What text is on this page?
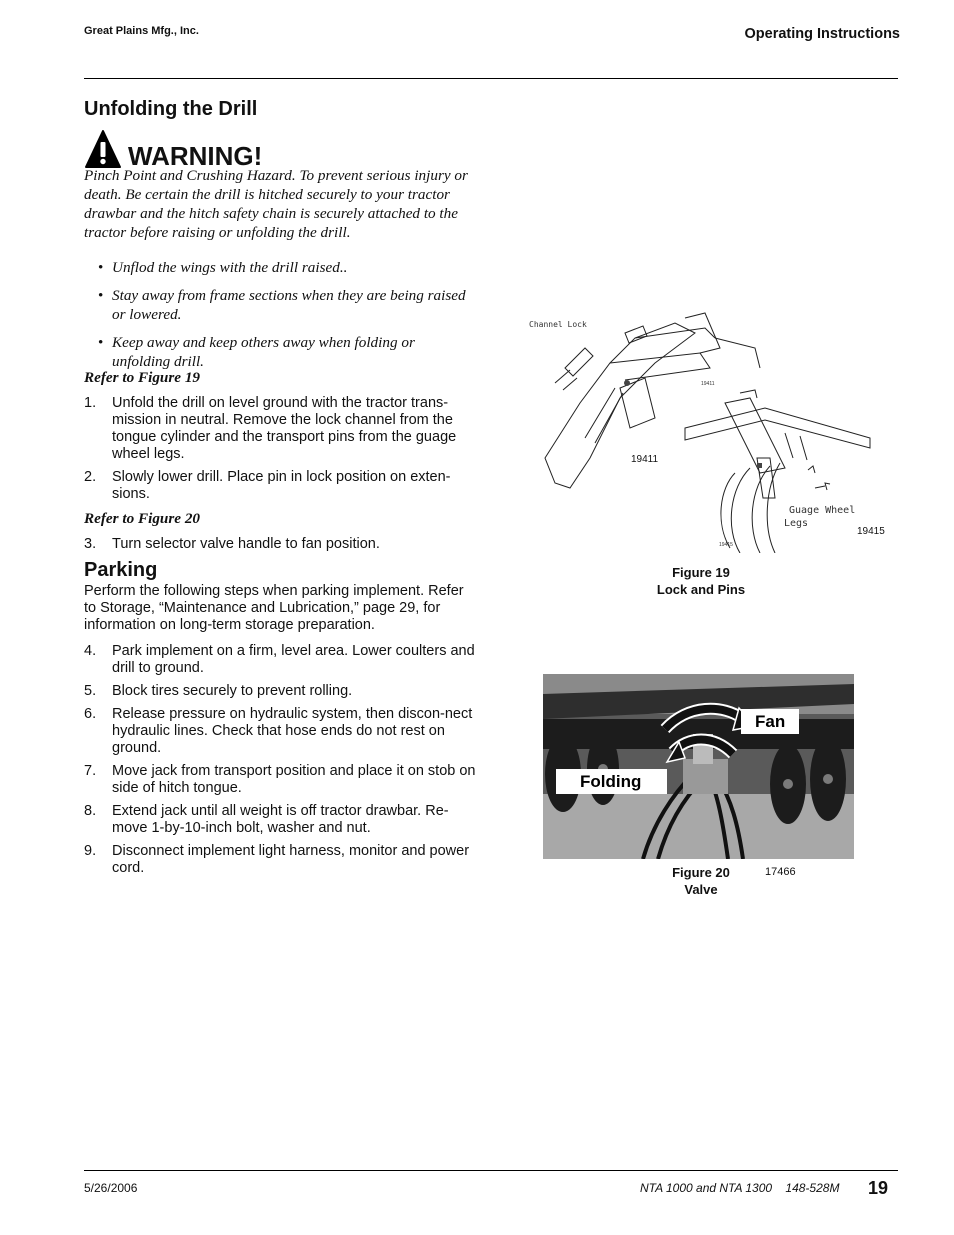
Great Plains Mfg., Inc.	Operating Instructions
Unfolding the Drill
WARNING!
Pinch Point and Crushing Hazard. To prevent serious injury or death. Be certain the drill is hitched securely to your tractor drawbar and the hitch safety chain is securely attached to the tractor before raising or unfolding the drill.
• Unflod the wings with the drill raised..
• Stay away from frame sections when they are being raised or lowered.
• Keep away and keep others away when folding or unfolding drill.
Refer to Figure 19
1. Unfold the drill on level ground with the tractor trans-mission in neutral. Remove the lock channel from the tongue cylinder and the transport pins from the guage wheel legs.
2. Slowly lower drill. Place pin in lock position on exten-sions.
Refer to Figure 20
3. Turn selector valve handle to fan position.
Parking
Perform the following steps when parking implement. Refer to Storage, “Maintenance and Lubrication,” page 29, for information on long-term storage preparation.
4. Park implement on a firm, level area. Lower coulters and drill to ground.
5. Block tires securely to prevent rolling.
6. Release pressure on hydraulic system, then discon-nect hydraulic lines. Check that hose ends do not rest on ground.
7. Move jack from transport position and place it on stob on side of hitch tongue.
8. Extend jack until all weight is off tractor drawbar. Re-move 1-by-10-inch bolt, washer and nut.
9. Disconnect implement light harness, monitor and power cord.
Channel Lock
19411
19411
Guage Wheel
Legs
19415
19415
Figure 19
Lock and Pins
Fan
Folding
Figure 20
Valve
17466
5/26/2006	NTA 1000 and NTA 1300    148-528M 19
